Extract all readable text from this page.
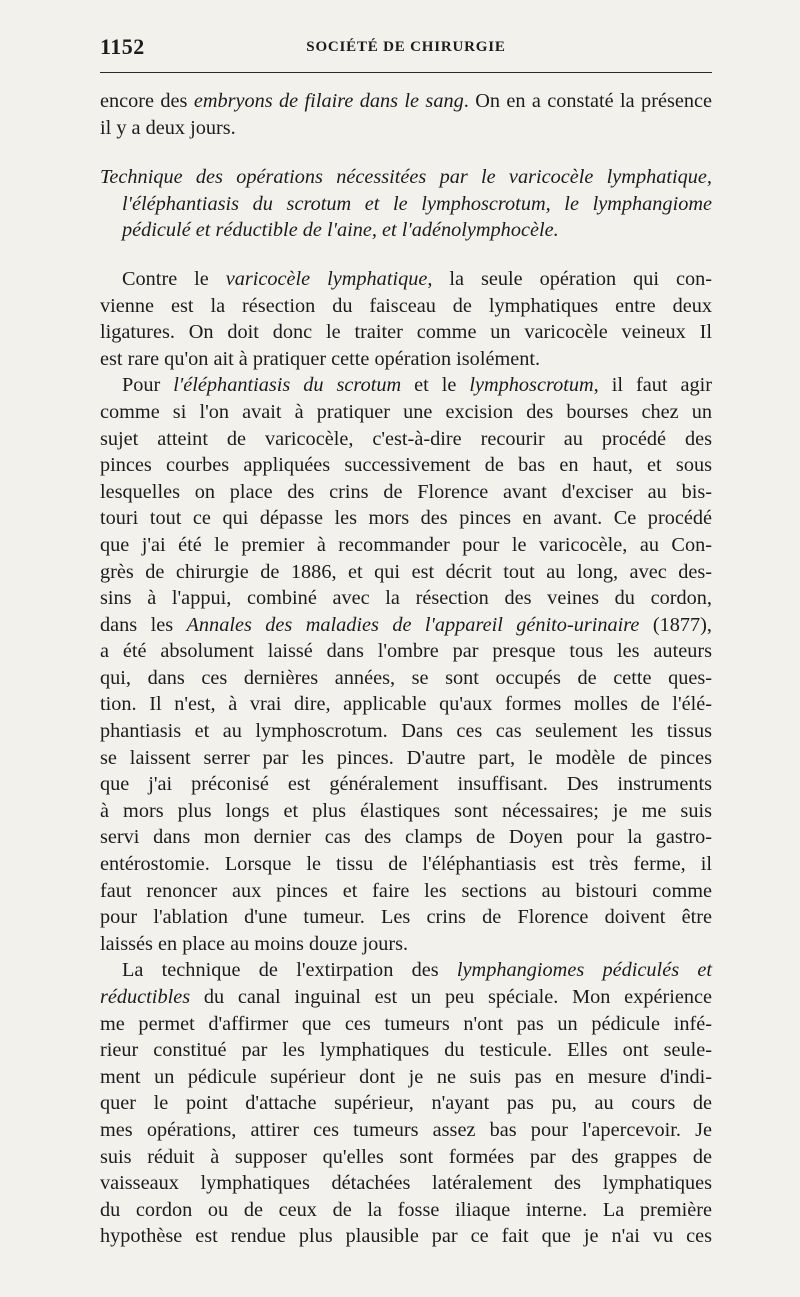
1152	SOCIÉTÉ DE CHIRURGIE
encore des embryons de filaire dans le sang. On en a constaté la présence
il y a deux jours.
Technique des opérations nécessitées par le varicocèle lymphatique,
l'éléphantiasis du scrotum et le lymphoscrotum, le lymphangiome
pédiculé et réductible de l'aine, et l'adénolymphocèle.
Contre le varicocèle lymphatique, la seule opération qui con-
vienne est la résection du faisceau de lymphatiques entre deux
ligatures. On doit donc le traiter comme un varicocèle veineux Il
est rare qu'on ait à pratiquer cette opération isolément.
Pour l'éléphantiasis du scrotum et le lymphoscrotum, il faut agir
comme si l'on avait à pratiquer une excision des bourses chez un
sujet atteint de varicocèle, c'est-à-dire recourir au procédé des
pinces courbes appliquées successivement de bas en haut, et sous
lesquelles on place des crins de Florence avant d'exciser au bis-
touri tout ce qui dépasse les mors des pinces en avant. Ce procédé
que j'ai été le premier à recommander pour le varicocèle, au Con-
grès de chirurgie de 1886, et qui est décrit tout au long, avec des-
sins à l'appui, combiné avec la résection des veines du cordon,
dans les Annales des maladies de l'appareil génito-urinaire (1877),
a été absolument laissé dans l'ombre par presque tous les auteurs
qui, dans ces dernières années, se sont occupés de cette ques-
tion. Il n'est, à vrai dire, applicable qu'aux formes molles de l'élé-
phantiasis et au lymphoscrotum. Dans ces cas seulement les tissus
se laissent serrer par les pinces. D'autre part, le modèle de pinces
que j'ai préconisé est généralement insuffisant. Des instruments
à mors plus longs et plus élastiques sont nécessaires; je me suis
servi dans mon dernier cas des clamps de Doyen pour la gastro-
entérostomie. Lorsque le tissu de l'éléphantiasis est très ferme, il
faut renoncer aux pinces et faire les sections au bistouri comme
pour l'ablation d'une tumeur. Les crins de Florence doivent être
laissés en place au moins douze jours.
La technique de l'extirpation des lymphangiomes pédiculés et
réductibles du canal inguinal est un peu spéciale. Mon expérience
me permet d'affirmer que ces tumeurs n'ont pas un pédicule infé-
rieur constitué par les lymphatiques du testicule. Elles ont seule-
ment un pédicule supérieur dont je ne suis pas en mesure d'indi-
quer le point d'attache supérieur, n'ayant pas pu, au cours de
mes opérations, attirer ces tumeurs assez bas pour l'apercevoir. Je
suis réduit à supposer qu'elles sont formées par des grappes de
vaisseaux lymphatiques détachées latéralement des lymphatiques
du cordon ou de ceux de la fosse iliaque interne. La première
hypothèse est rendue plus plausible par ce fait que je n'ai vu ces
